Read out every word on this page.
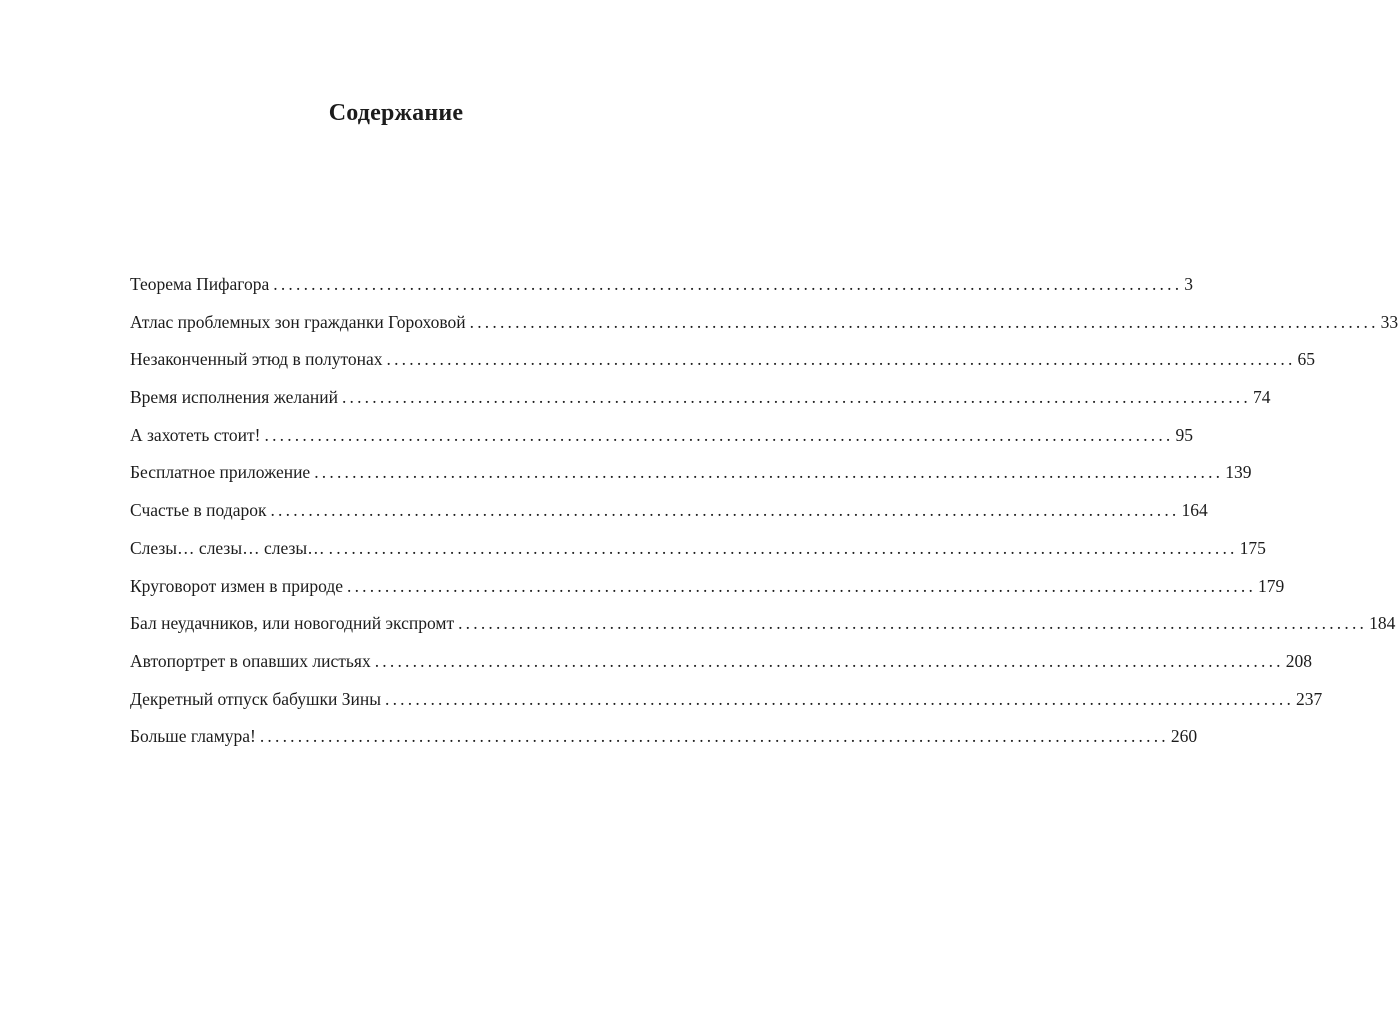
Содержание
Теорема Пифагора ........................................................................................................................ 3
Атлас проблемных зон гражданки Гороховой ........................................................................................................................ 33
Незаконченный этюд в полутонах ........................................................................................................................ 65
Время исполнения желаний ........................................................................................................................ 74
А захотеть стоит! ........................................................................................................................ 95
Бесплатное приложение ........................................................................................................................ 139
Счастье в подарок ........................................................................................................................ 164
Слезы… слезы… слезы… ........................................................................................................................ 175
Круговорот измен в природе ........................................................................................................................ 179
Бал неудачников, или новогодний экспромт ........................................................................................................................ 184
Автопортрет в опавших листьях ........................................................................................................................ 208
Декретный отпуск бабушки Зины ........................................................................................................................ 237
Больше гламура! ........................................................................................................................ 260
